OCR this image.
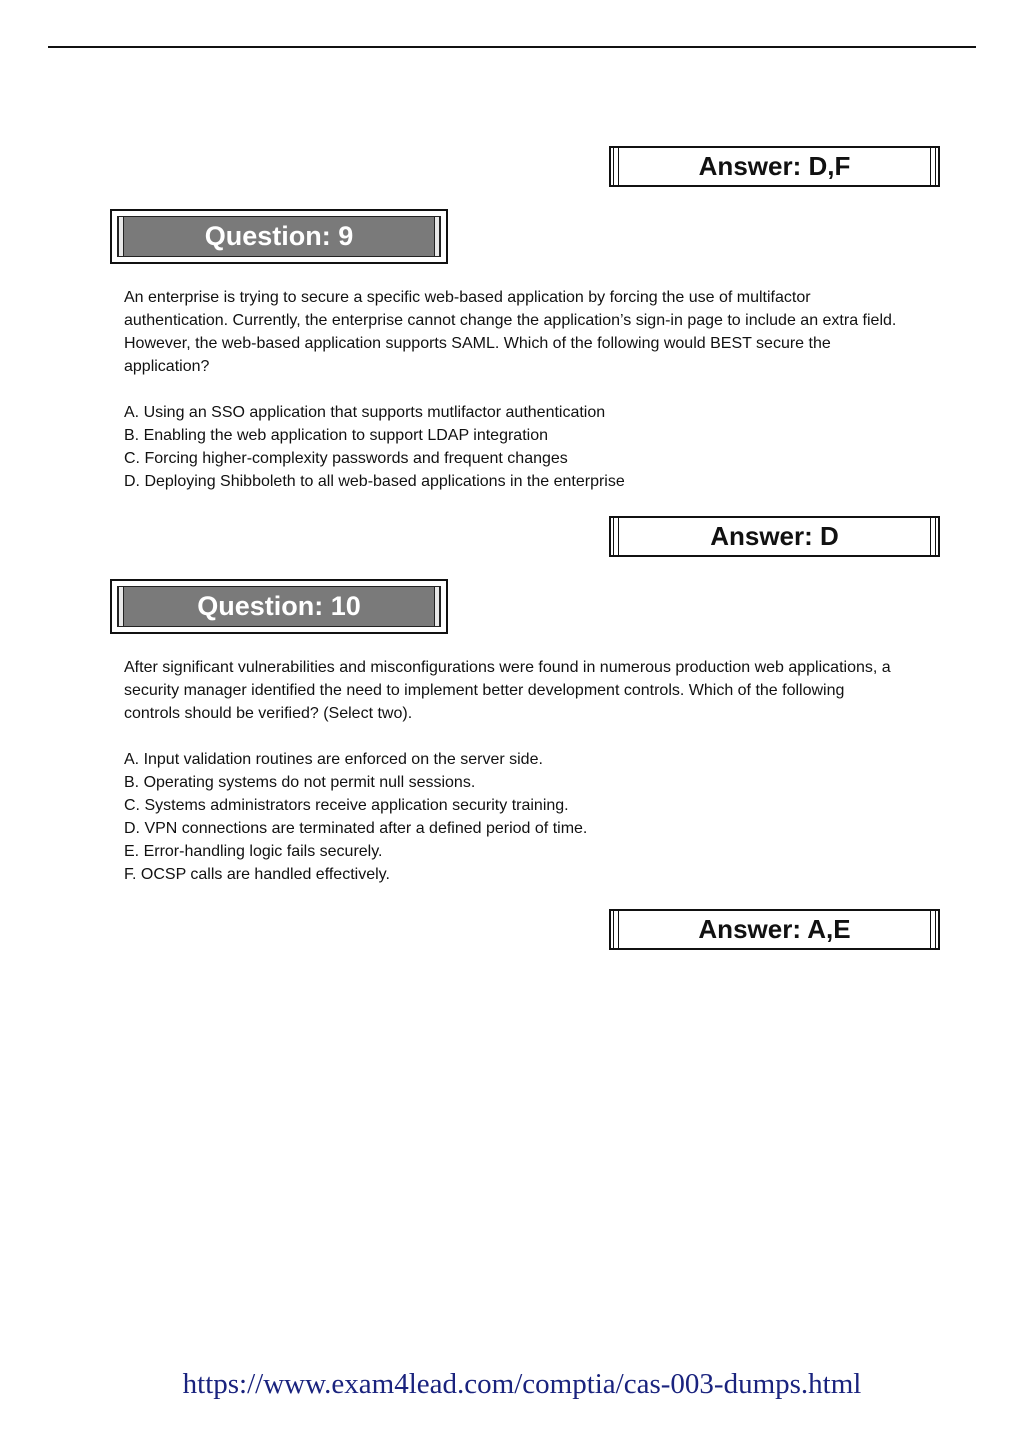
Answer: D,F
Question: 9

An enterprise is trying to secure a specific web-based application by forcing the use of multifactor authentication. Currently, the enterprise cannot change the application’s sign-in page to include an extra field. However, the web-based application supports SAML. Which of the following would BEST secure the application?

A. Using an SSO application that supports mutlifactor authentication
B. Enabling the web application to support LDAP integration
C. Forcing higher-complexity passwords and frequent changes
D. Deploying Shibboleth to all web-based applications in the enterprise
Answer: D
Question: 10

After significant vulnerabilities and misconfigurations were found in numerous production web applications, a security manager identified the need to implement better development controls. Which of the following controls should be verified? (Select two).

A. Input validation routines are enforced on the server side.
B. Operating systems do not permit null sessions.
C. Systems administrators receive application security training.
D. VPN connections are terminated after a defined period of time.
E. Error-handling logic fails securely.
F. OCSP calls are handled effectively.
Answer: A,E
https://www.exam4lead.com/comptia/cas-003-dumps.html
